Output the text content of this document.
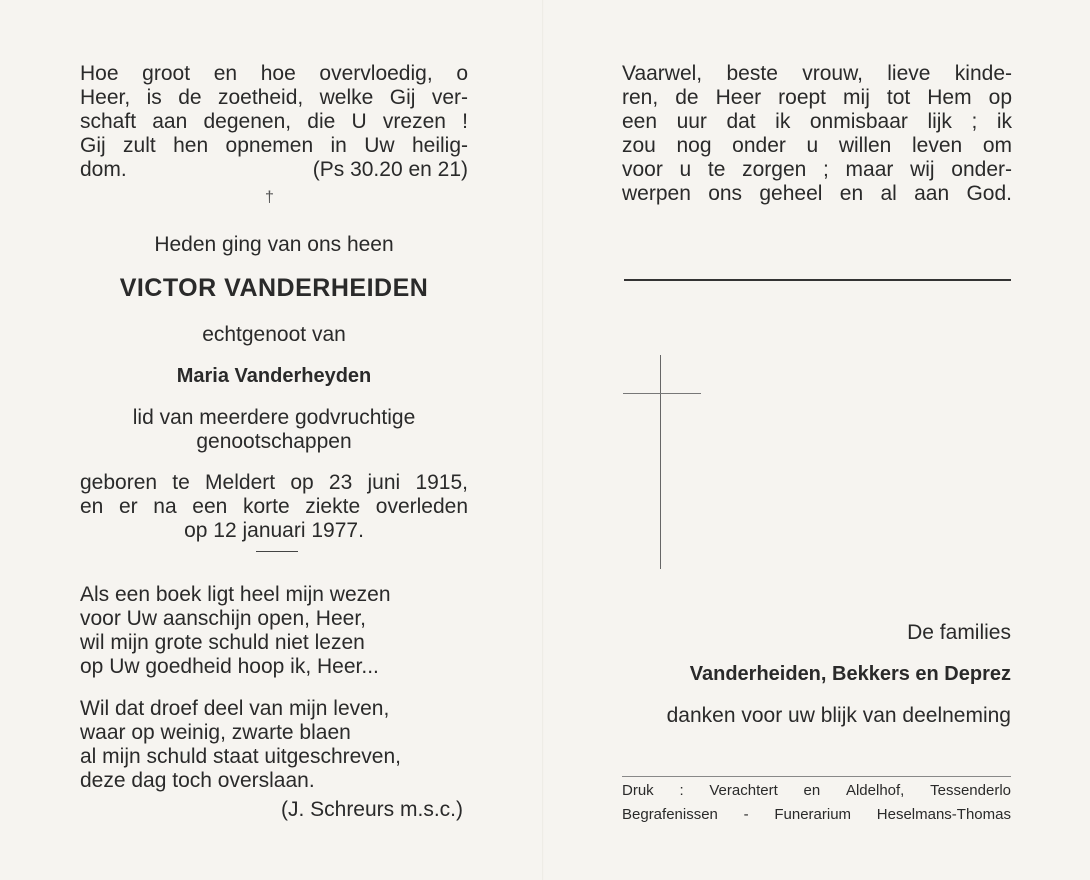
Hoe groot en hoe overvloedig, o
Heer, is de zoetheid, welke Gij ver-
schaft aan degenen, die U vrezen !
Gij zult hen opnemen in Uw heilig-
dom.	(Ps 30.20 en 21)
†
Heden ging van ons heen
VICTOR VANDERHEIDEN
echtgenoot van
Maria Vanderheyden
lid van meerdere godvruchtige
genootschappen
geboren te Meldert op 23 juni 1915,
en er na een korte ziekte overleden
op 12 januari 1977.
Als een boek ligt heel mijn wezen
voor Uw aanschijn open, Heer,
wil mijn grote schuld niet lezen
op Uw goedheid hoop ik, Heer...
Wil dat droef deel van mijn leven,
waar op weinig, zwarte blaen
al mijn schuld staat uitgeschreven,
deze dag toch overslaan.
(J. Schreurs m.s.c.)
Vaarwel, beste vrouw, lieve kinde-
ren, de Heer roept mij tot Hem op
een uur dat ik onmisbaar lijk ; ik
zou nog onder u willen leven om
voor u te zorgen ; maar wij onder-
werpen ons geheel en al aan God.
De families
Vanderheiden, Bekkers en Deprez
danken voor uw blijk van deelneming
Druk : Verachtert en Aldelhof, Tessenderlo
Begrafenissen - Funerarium Heselmans-Thomas
